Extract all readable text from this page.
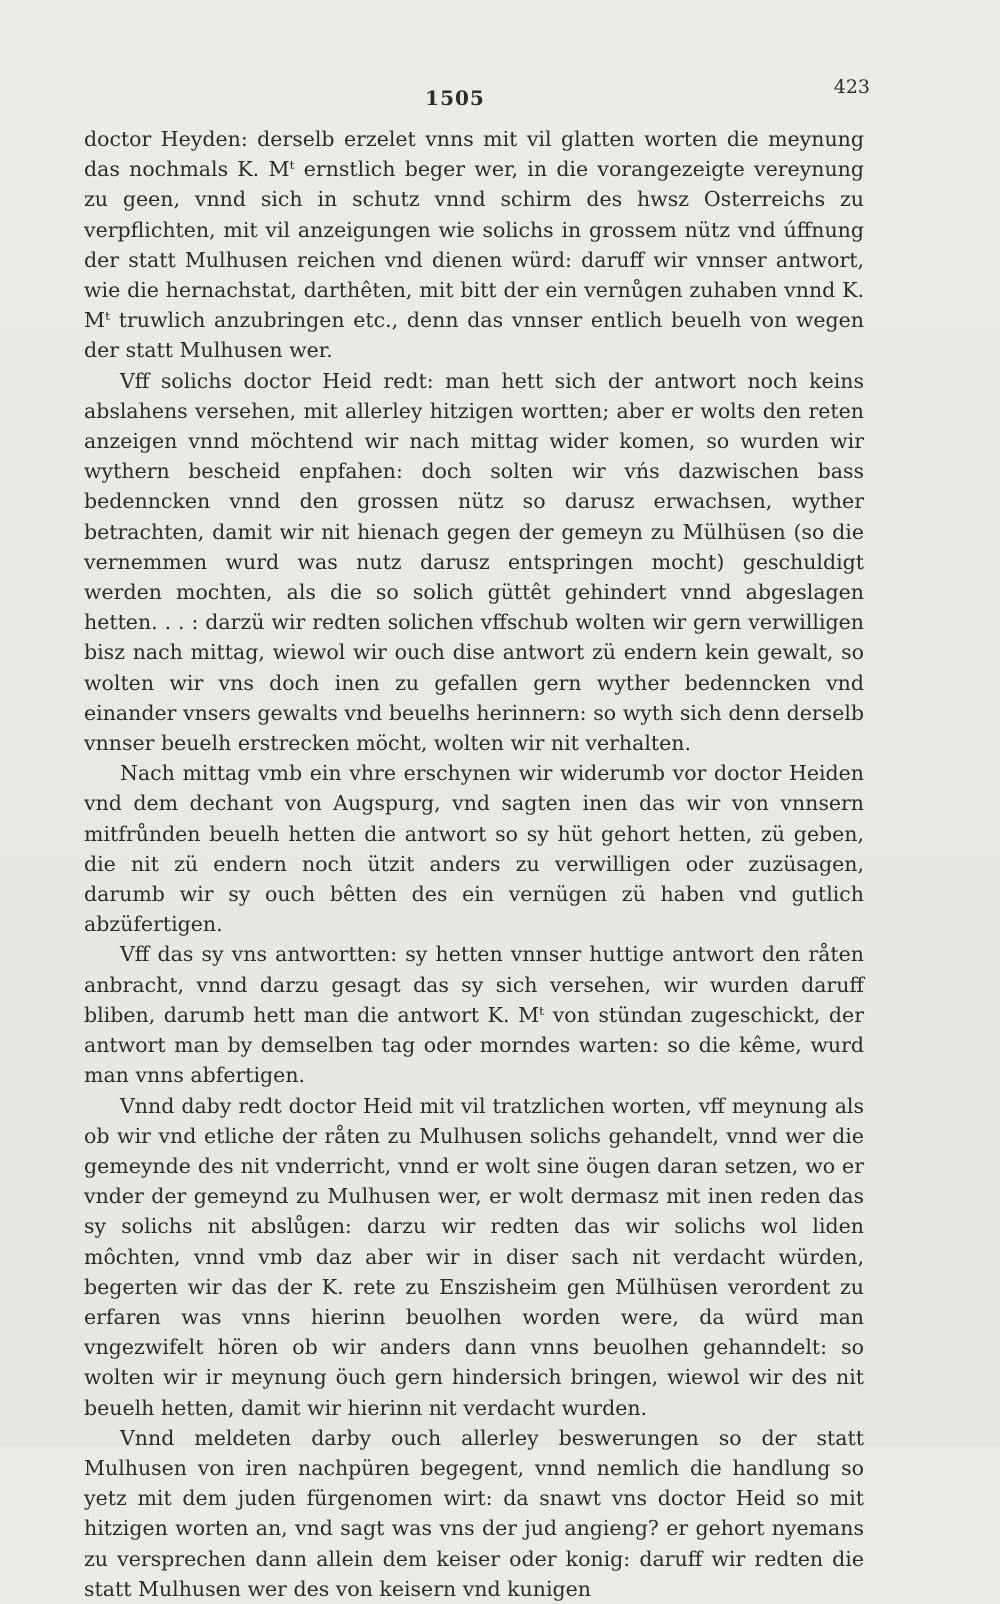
1505	423

doctor Heyden: derselb erzelet vnns mit vil glatten worten die meynung das nochmals K. Mᵗ ernstlich beger wer, in die vorangezeigte vereynung zu geen, vnnd sich in schutz vnnd schirm des hwsz Osterreichs zu verpflichten, mit vil anzeigungen wie solichs in grossem nütz vnd úffnung der statt Mulhusen reichen vnd dienen würd: daruff wir vnnser antwort, wie die hernachstat, darthêten, mit bitt der ein vernůgen zuhaben vnnd K. Mᵗ truwlich anzubringen etc., denn das vnnser entlich beuelh von wegen der statt Mulhusen wer.

Vff solichs doctor Heid redt: man hett sich der antwort noch keins abslahens versehen, mit allerley hitzigen wortten; aber er wolts den reten anzeigen vnnd möchtend wir nach mittag wider komen, so wurden wir wythern bescheid enpfahen: doch solten wir vńs dazwischen bass bedenncken vnnd den grossen nütz so darusz erwachsen, wyther betrachten, damit wir nit hienach gegen der gemeyn zu Mülhüsen (so die vernemmen wurd was nutz darusz entspringen mocht) geschuldigt werden mochten, als die so solich güttêt gehindert vnnd abgeslagen hetten. . . : darzü wir redten solichen vffschub wolten wir gern verwilligen bisz nach mittag, wiewol wir ouch dise antwort zü endern kein gewalt, so wolten wir vns doch inen zu gefallen gern wyther bedenncken vnd einander vnsers gewalts vnd beuelhs herinnern: so wyth sich denn derselb vnnser beuelh erstrecken möcht, wolten wir nit verhalten.

Nach mittag vmb ein vhre erschynen wir widerumb vor doctor Heiden vnd dem dechant von Augspurg, vnd sagten inen das wir von vnnsern mitfrůnden beuelh hetten die antwort so sy hüt gehort hetten, zü geben, die nit zü endern noch ützit anders zu verwilligen oder zuzüsagen, darumb wir sy ouch bêtten des ein vernügen zü haben vnd gutlich abzüfertigen.

Vff das sy vns antwortten: sy hetten vnnser huttige antwort den råten anbracht, vnnd darzu gesagt das sy sich versehen, wir wurden daruff bliben, darumb hett man die antwort K. Mᵗ von stündan zugeschickt, der antwort man by demselben tag oder morndes warten: so die kême, wurd man vnns abfertigen.

Vnnd daby redt doctor Heid mit vil tratzlichen worten, vff meynung als ob wir vnd etliche der råten zu Mulhusen solichs gehandelt, vnnd wer die gemeynde des nit vnderricht, vnnd er wolt sine öugen daran setzen, wo er vnder der gemeynd zu Mulhusen wer, er wolt dermasz mit inen reden das sy solichs nit abslůgen: darzu wir redten das wir solichs wol liden môchten, vnnd vmb daz aber wir in diser sach nit verdacht würden, begerten wir das der K. rete zu Enszisheim gen Mülhüsen verordent zu erfaren was vnns hierinn beuolhen worden were, da würd man vngezwifelt hören ob wir anders dann vnns beuolhen gehanndelt: so wolten wir ir meynung öuch gern hindersich bringen, wiewol wir des nit beuelh hetten, damit wir hierinn nit verdacht wurden.

Vnnd meldeten darby ouch allerley beswerungen so der statt Mulhusen von iren nachpüren begegent, vnnd nemlich die handlung so yetz mit dem juden fürgenomen wirt: da snawt vns doctor Heid so mit hitzigen worten an, vnd sagt was vns der jud angieng? er gehort nyemans zu versprechen dann allein dem keiser oder konig: daruff wir redten die statt Mulhusen wer des von keisern vnd kunigen
